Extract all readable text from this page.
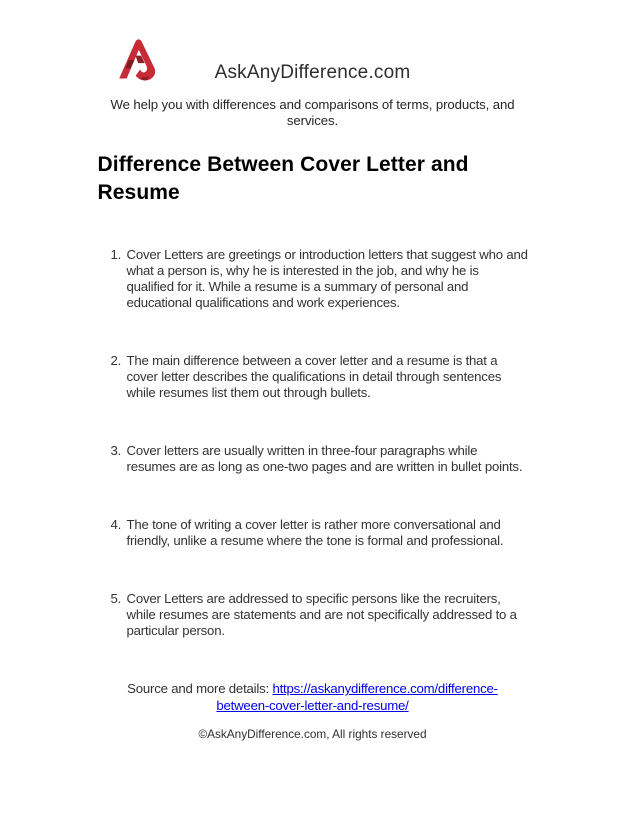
AskAnyDifference.com

We help you with differences and comparisons of terms, products, and services.

Difference Between Cover Letter and Resume
1. Cover Letters are greetings or introduction letters that suggest who and what a person is, why he is interested in the job, and why he is qualified for it. While a resume is a summary of personal and educational qualifications and work experiences.
2. The main difference between a cover letter and a resume is that a cover letter describes the qualifications in detail through sentences while resumes list them out through bullets.
3. Cover letters are usually written in three-four paragraphs while resumes are as long as one-two pages and are written in bullet points.
4. The tone of writing a cover letter is rather more conversational and friendly, unlike a resume where the tone is formal and professional.
5. Cover Letters are addressed to specific persons like the recruiters, while resumes are statements and are not specifically addressed to a particular person.

Source and more details: https://askanydifference.com/difference-
between-cover-letter-and-resume/

©AskAnyDifference.com, All rights reserved
